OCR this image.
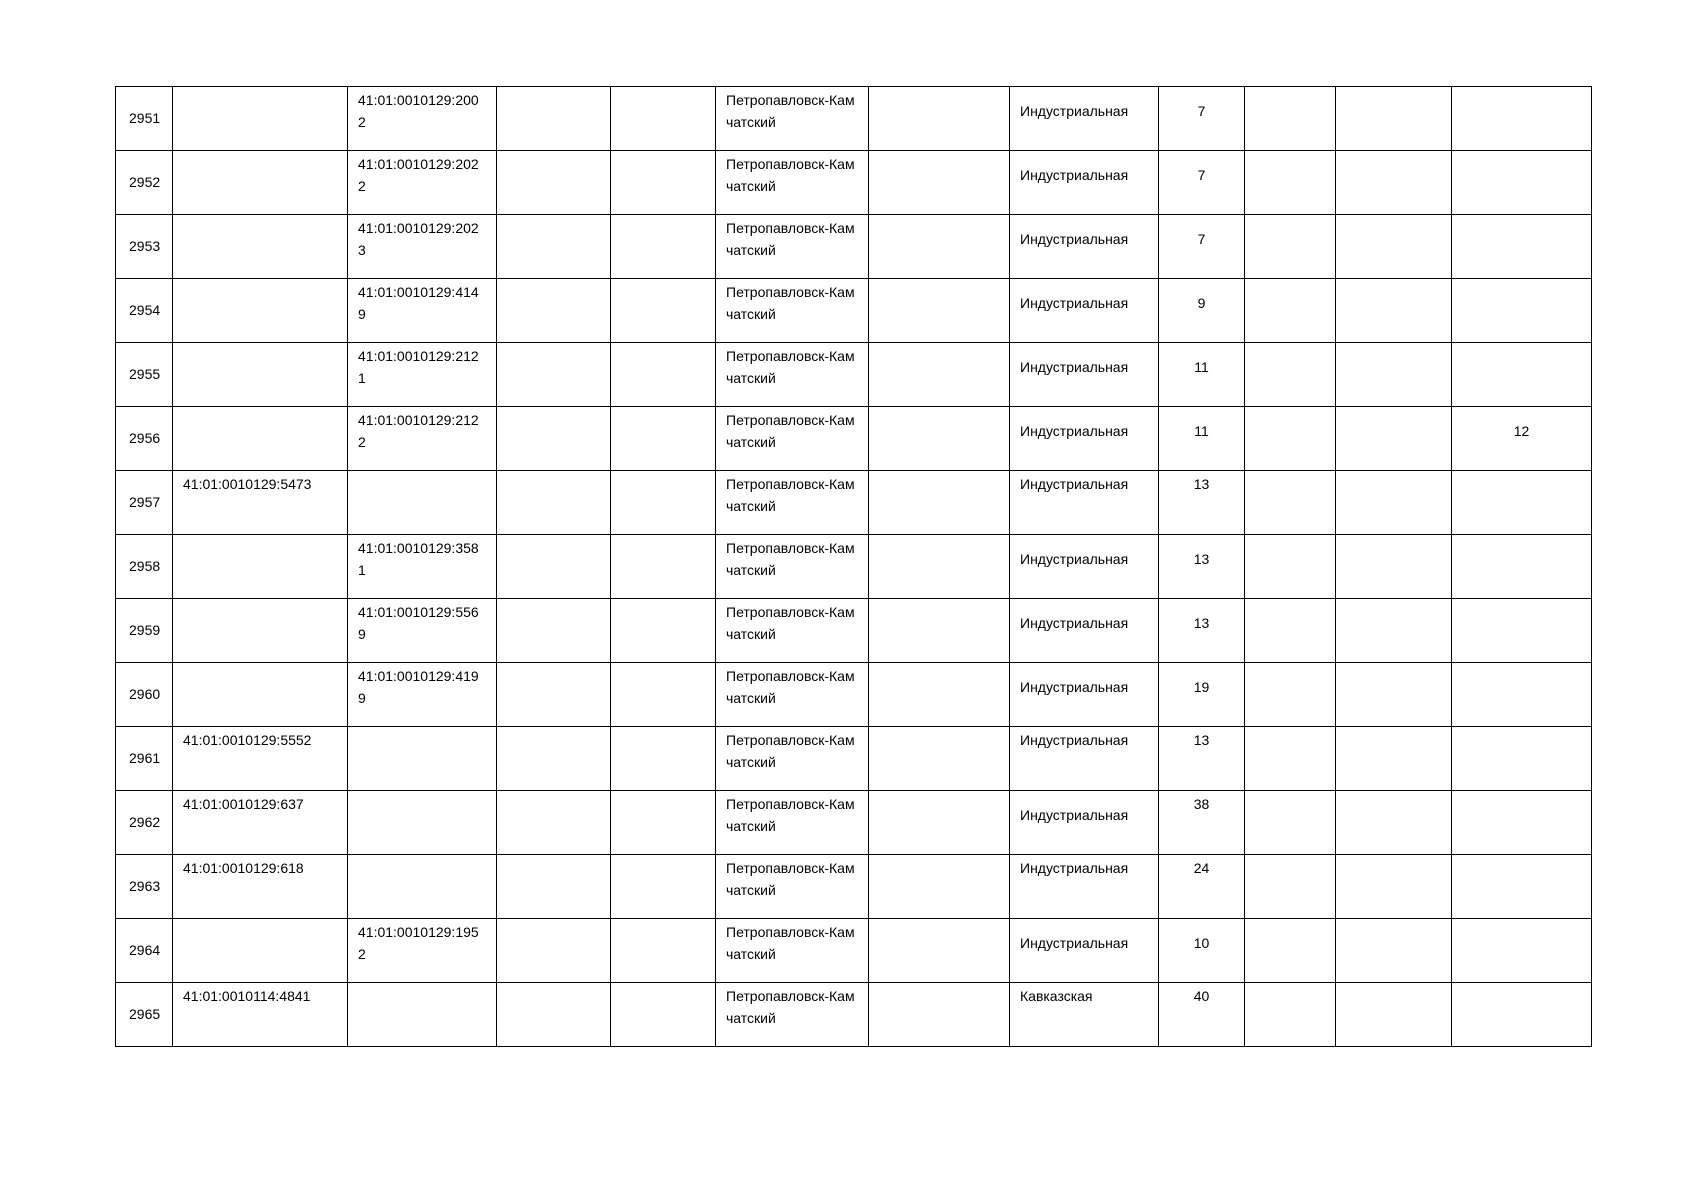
2951		41:01:0010129:2002			Петропавловск-Камчатский		Индустриальная	7			

2952		41:01:0010129:2022			Петропавловск-Камчатский		Индустриальная	7			

2953		41:01:0010129:2023			Петропавловск-Камчатский		Индустриальная	7			

2954		41:01:0010129:4149			Петропавловск-Камчатский		Индустриальная	9			

2955		41:01:0010129:2121			Петропавловск-Камчатский		Индустриальная	11			

2956		41:01:0010129:2122			Петропавловск-Камчатский		Индустриальная	11			12

2957	41:01:0010129:5473				Петропавловск-Камчатский		Индустриальная	13			

2958		41:01:0010129:3581			Петропавловск-Камчатский		Индустриальная	13			

2959		41:01:0010129:5569			Петропавловск-Камчатский		Индустриальная	13			

2960		41:01:0010129:4199			Петропавловск-Камчатский		Индустриальная	19			

2961	41:01:0010129:5552				Петропавловск-Камчатский		Индустриальная	13			

2962	41:01:0010129:637				Петропавловск-Камчатский		Индустриальная	38			

2963	41:01:0010129:618				Петропавловск-Камчатский		Индустриальная	24			

2964		41:01:0010129:1952			Петропавловск-Камчатский		Индустриальная	10			

2965	41:01:0010114:4841				Петропавловск-Камчатский		Кавказская	40			
